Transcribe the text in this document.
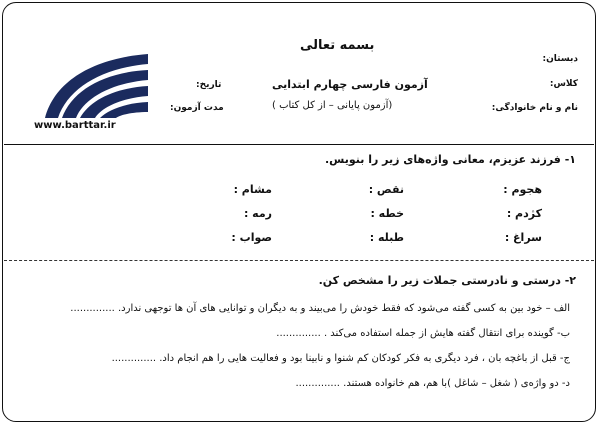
بسمه تعالی
دبستان:
کلاس:
نام و نام خانوادگی:
آزمون فارسی چهارم ابتدایی
(آزمون پایانی – از کل کتاب )
تاریخ:
مدت آزمون:
www.barttar.ir
۱- فرزند عزیزم، معانی واژه‌های زیر را بنویس.
هجوم :
نقص :
مشام :
کژدم :
خطه :
رمه :
سراغ :
طبله :
صواب :
۲- درستی و نادرستی جملات زیر را مشخص کن.
الف – خود بین به کسی گفته می‌شود که فقط خودش را می‌بیند و به دیگران و توانایی های آن ها توجهی ندارد. ..............
ب- گوینده برای انتقال گفته هایش از جمله استفاده می‌کند . ..............
ج- قبل از باغچه بان ، فرد دیگری به فکر کودکان کم شنوا و نابینا بود و فعالیت هایی را هم انجام داد. ..............
د- دو واژه‌ی ( شغل – شاغل )با هم، هم خانواده هستند. ..............
